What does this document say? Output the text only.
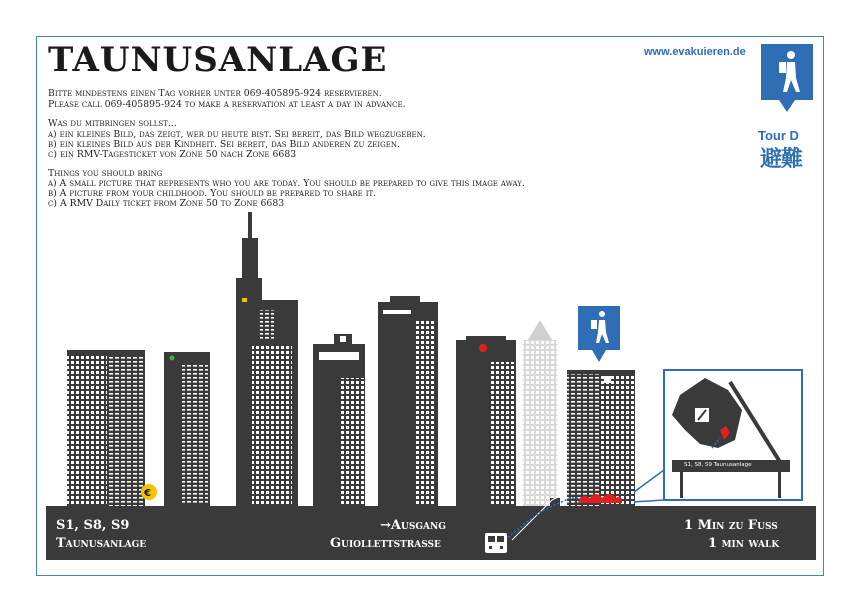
TAUNUSANLAGE
Bitte mindestens einen Tag vorher unter 069-405895-924 reservieren.
Please call 069-405895-924 to make a reservation at least a day in advance.
Was du mitbringen sollst...
a) ein kleines Bild, das zeigt, wer du heute bist. Sei bereit, das Bild wegzugeben.
b) ein kleines Bild aus der Kindheit. Sei bereit, das Bild anderen zu zeigen.
c) ein RMV-Tagesticket von Zone 50 nach Zone 6683
Things you should bring
a) A small picture that represents who you are today. You should be prepared to give this image away.
b) A picture from your childhood. You should be prepared to share it.
c) A RMV Daily ticket from Zone 50 to Zone 6683
www.evakuieren.de
€
S1, S8, S9 Taunusanlage
Tour D
避難
S1, S8, S9
Taunusanlage
→Ausgang
Guiollettstrasse
1 Min zu Fuss
1 min walk
